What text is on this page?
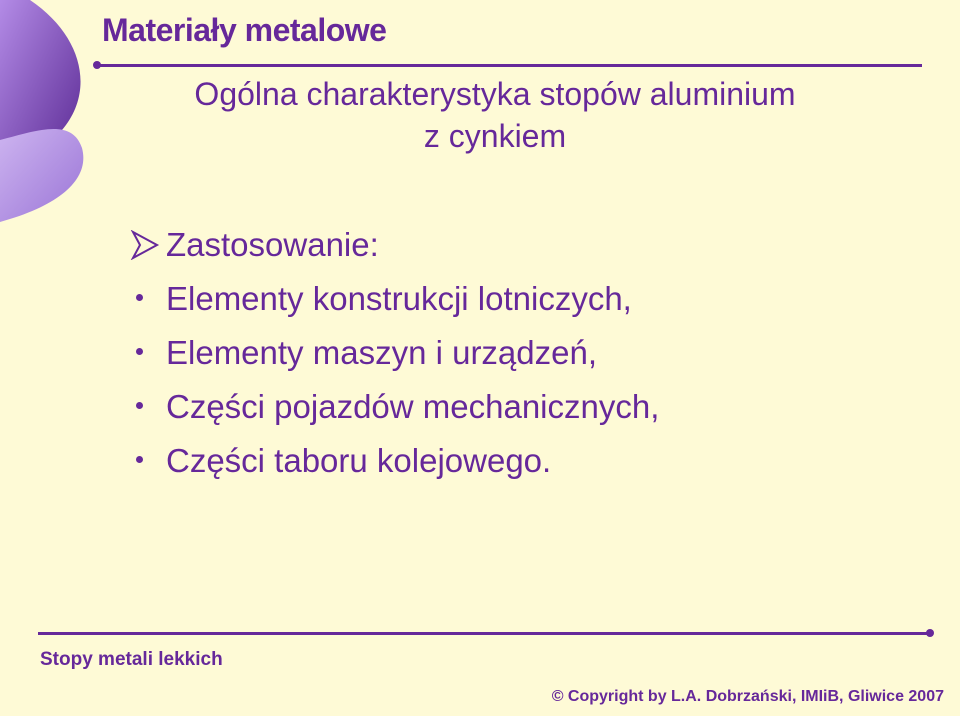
Materiały metalowe
Ogólna charakterystyka stopów aluminium
z cynkiem
Zastosowanie:
Elementy konstrukcji lotniczych,
Elementy maszyn i urządzeń,
Części pojazdów mechanicznych,
Części taboru kolejowego.
Stopy metali lekkich
© Copyright by L.A. Dobrzański, IMIiB, Gliwice 2007
